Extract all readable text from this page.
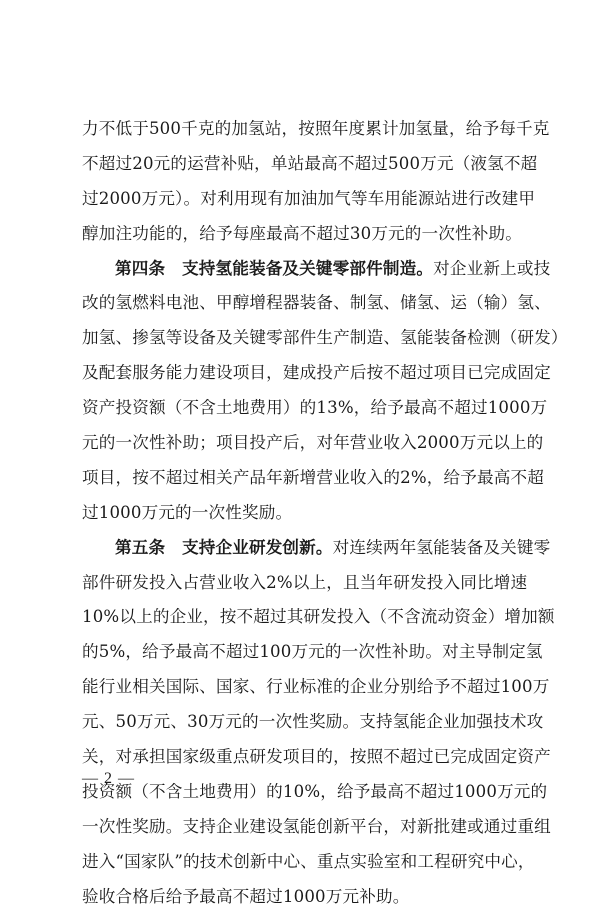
力不低于500千克的加氢站，按照年度累计加氢量，给予每千克
不超过20元的运营补贴，单站最高不超过500万元（液氢不超
过2000万元）。对利用现有加油加气等车用能源站进行改建甲
醇加注功能的，给予每座最高不超过30万元的一次性补助。
第四条　支持氢能装备及关键零部件制造。对企业新上或技
改的氢燃料电池、甲醇增程器装备、制氢、储氢、运（输）氢、
加氢、掺氢等设备及关键零部件生产制造、氢能装备检测（研发）
及配套服务能力建设项目，建成投产后按不超过项目已完成固定
资产投资额（不含土地费用）的13%，给予最高不超过1000万
元的一次性补助；项目投产后，对年营业收入2000万元以上的
项目，按不超过相关产品年新增营业收入的2%，给予最高不超
过1000万元的一次性奖励。
第五条　支持企业研发创新。对连续两年氢能装备及关键零
部件研发投入占营业收入2%以上，且当年研发投入同比增速
10%以上的企业，按不超过其研发投入（不含流动资金）增加额
的5%，给予最高不超过100万元的一次性补助。对主导制定氢
能行业相关国际、国家、行业标准的企业分别给予不超过100万
元、50万元、30万元的一次性奖励。支持氢能企业加强技术攻
关，对承担国家级重点研发项目的，按照不超过已完成固定资产
投资额（不含土地费用）的10%，给予最高不超过1000万元的
一次性奖励。支持企业建设氢能创新平台，对新批建或通过重组
进入“国家队”的技术创新中心、重点实验室和工程研究中心，
验收合格后给予最高不超过1000万元补助。
— 2 —
